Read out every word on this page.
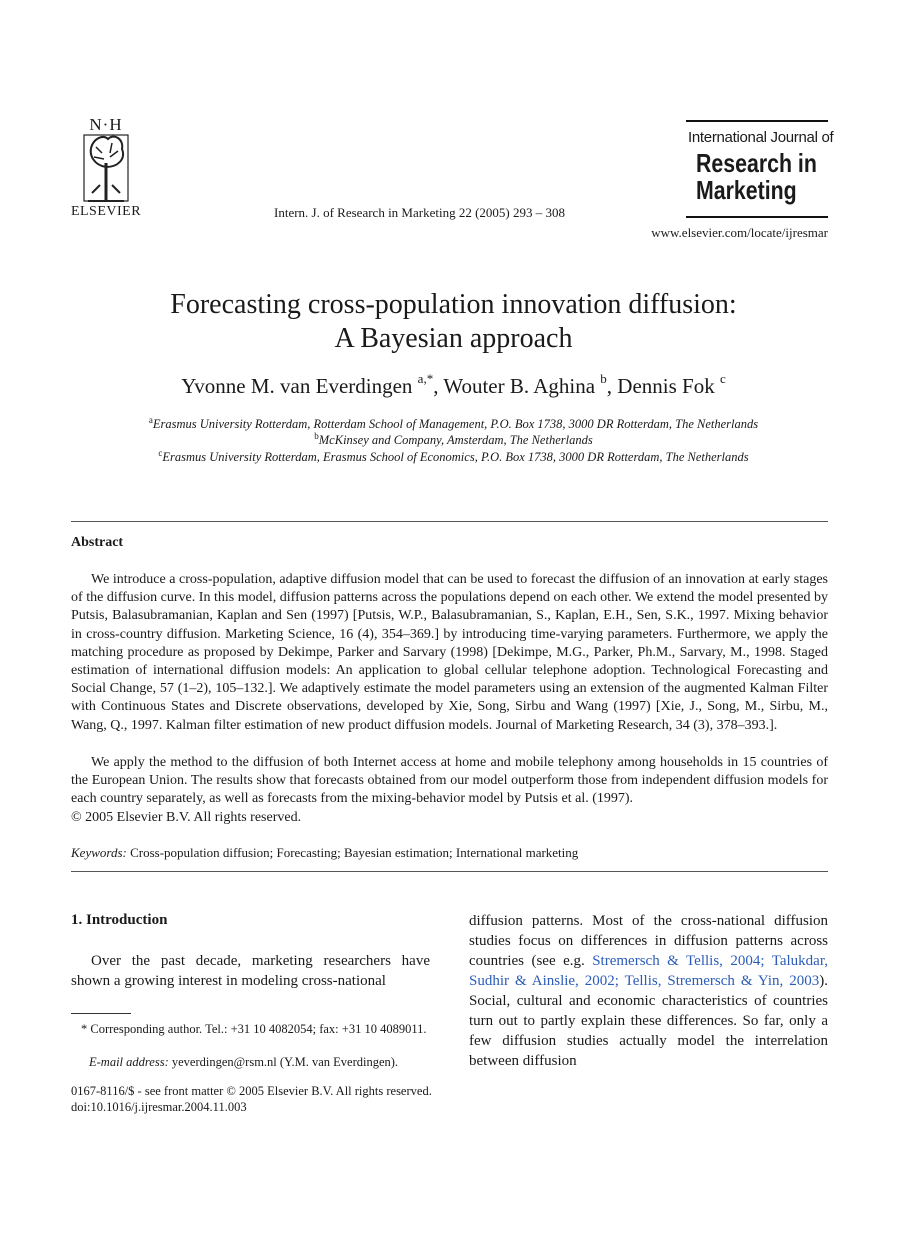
N·H
ELSEVIER	Intern. J. of Research in Marketing 22 (2005) 293 – 308
International Journal of
Research in
Marketing
www.elsevier.com/locate/ijresmar
Forecasting cross-population innovation diffusion:
A Bayesian approach
Yvonne M. van Everdingen $^{a,*}$, Wouter B. Aghina $^b$, Dennis Fok $^c$
$^a$Erasmus University Rotterdam, Rotterdam School of Management, P.O. Box 1738, 3000 DR Rotterdam, The Netherlands
$^b$McKinsey and Company, Amsterdam, The Netherlands
$^c$Erasmus University Rotterdam, Erasmus School of Economics, P.O. Box 1738, 3000 DR Rotterdam, The Netherlands
Abstract
We introduce a cross-population, adaptive diffusion model that can be used to forecast the diffusion of an innovation at early stages of the diffusion curve. In this model, diffusion patterns across the populations depend on each other. We extend the model presented by Putsis, Balasubramanian, Kaplan and Sen (1997) [Putsis, W.P., Balasubramanian, S., Kaplan, E.H., Sen, S.K., 1997. Mixing behavior in cross-country diffusion. Marketing Science, 16 (4), 354–369.] by introducing time-varying parameters. Furthermore, we apply the matching procedure as proposed by Dekimpe, Parker and Sarvary (1998) [Dekimpe, M.G., Parker, Ph.M., Sarvary, M., 1998. Staged estimation of international diffusion models: An application to global cellular telephone adoption. Technological Forecasting and Social Change, 57 (1–2), 105–132.]. We adaptively estimate the model parameters using an extension of the augmented Kalman Filter with Continuous States and Discrete observations, developed by Xie, Song, Sirbu and Wang (1997) [Xie, J., Song, M., Sirbu, M., Wang, Q., 1997. Kalman filter estimation of new product diffusion models. Journal of Marketing Research, 34 (3), 378–393.].
We apply the method to the diffusion of both Internet access at home and mobile telephony among households in 15 countries of the European Union. The results show that forecasts obtained from our model outperform those from independent diffusion models for each country separately, as well as forecasts from the mixing-behavior model by Putsis et al. (1997).
© 2005 Elsevier B.V. All rights reserved.
Keywords: Cross-population diffusion; Forecasting; Bayesian estimation; International marketing
1. Introduction
Over the past decade, marketing researchers have shown a growing interest in modeling cross-national
diffusion patterns. Most of the cross-national diffusion studies focus on differences in diffusion patterns across countries (see e.g. Stremersch & Tellis, 2004; Talukdar, Sudhir & Ainslie, 2002; Tellis, Stremersch & Yin, 2003). Social, cultural and economic characteristics of countries turn out to partly explain these differences. So far, only a few diffusion studies actually model the interrelation between diffusion
* Corresponding author. Tel.: +31 10 4082054; fax: +31 10 4089011.
E-mail address: yeverdingen@rsm.nl (Y.M. van Everdingen).
0167-8116/$ - see front matter © 2005 Elsevier B.V. All rights reserved.
doi:10.1016/j.ijresmar.2004.11.003
